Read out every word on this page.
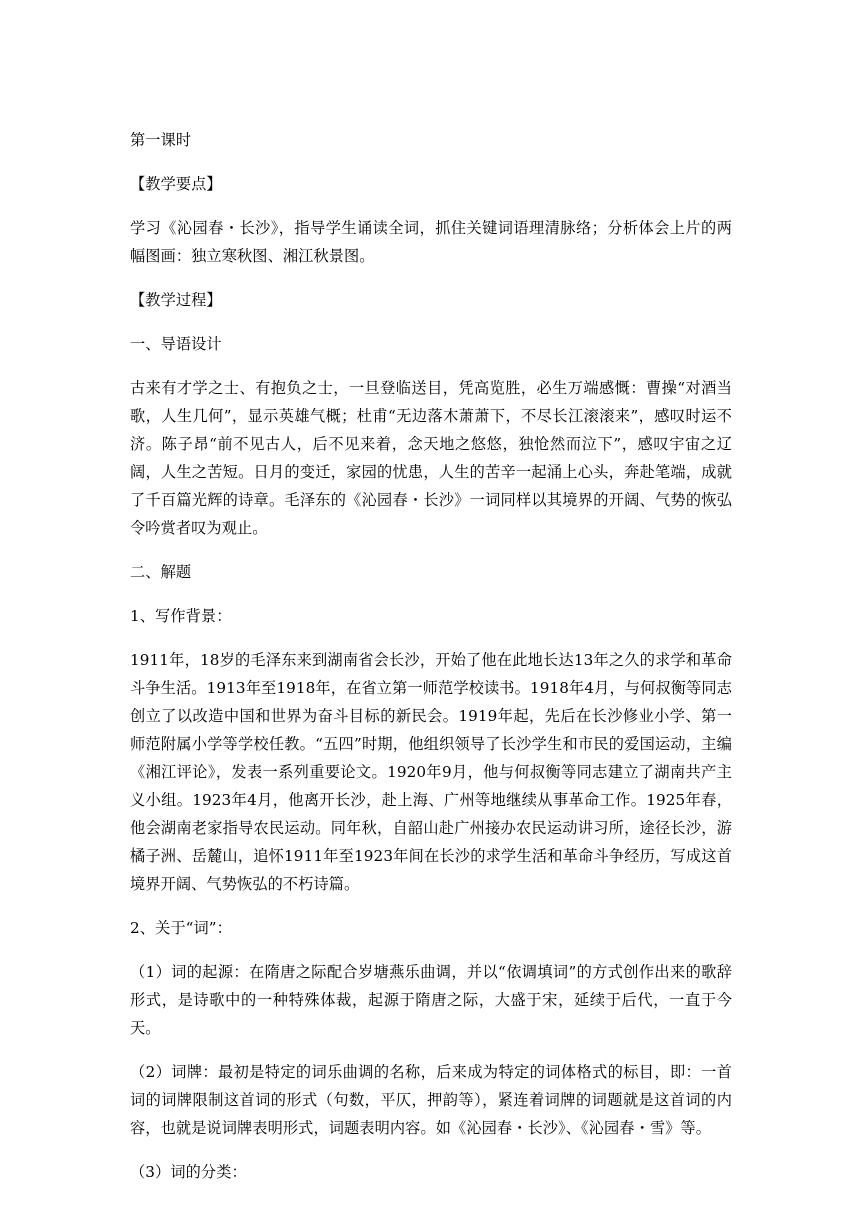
第一课时

【教学要点】

学习《沁园春・长沙》，指导学生诵读全词，抓住关键词语理清脉络；分析体会上片的两幅图画：独立寒秋图、湘江秋景图。

【教学过程】

一、导语设计

古来有才学之士、有抱负之士，一旦登临送目，凭高览胜，必生万端感慨：曹操“对酒当歌，人生几何”，显示英雄气概；杜甫“无边落木萧萧下，不尽长江滚滚来”，感叹时运不济。陈子昂“前不见古人，后不见来着，念天地之悠悠，独怆然而泣下”，感叹宇宙之辽阔，人生之苦短。日月的变迁，家园的忧患，人生的苦辛一起涌上心头，奔赴笔端，成就了千百篇光辉的诗章。毛泽东的《沁园春・长沙》一词同样以其境界的开阔、气势的恢弘令吟赏者叹为观止。

二、解题

1、写作背景：

1911年，18岁的毛泽东来到湖南省会长沙，开始了他在此地长达13年之久的求学和革命斗争生活。1913年至1918年，在省立第一师范学校读书。1918年4月，与何叔衡等同志创立了以改造中国和世界为奋斗目标的新民会。1919年起，先后在长沙修业小学、第一师范附属小学等学校任教。“五四”时期，他组织领导了长沙学生和市民的爱国运动，主编《湘江评论》，发表一系列重要论文。1920年9月，他与何叔衡等同志建立了湖南共产主义小组。1923年4月，他离开长沙，赴上海、广州等地继续从事革命工作。1925年春，他会湖南老家指导农民运动。同年秋，自韶山赴广州接办农民运动讲习所，途径长沙，游橘子洲、岳麓山，追怀1911年至1923年间在长沙的求学生活和革命斗争经历，写成这首境界开阔、气势恢弘的不朽诗篇。

2、关于“词”：

（1）词的起源：在隋唐之际配合岁塘燕乐曲调，并以“依调填词”的方式创作出来的歌辞形式，是诗歌中的一种特殊体裁，起源于隋唐之际，大盛于宋，延续于后代，一直于今天。

（2）词牌：最初是特定的词乐曲调的名称，后来成为特定的词体格式的标目，即：一首词的词牌限制这首词的形式（句数，平仄，押韵等），紧连着词牌的词题就是这首词的内容，也就是说词牌表明形式，词题表明内容。如《沁园春・长沙》、《沁园春・雪》等。

（3）词的分类：
